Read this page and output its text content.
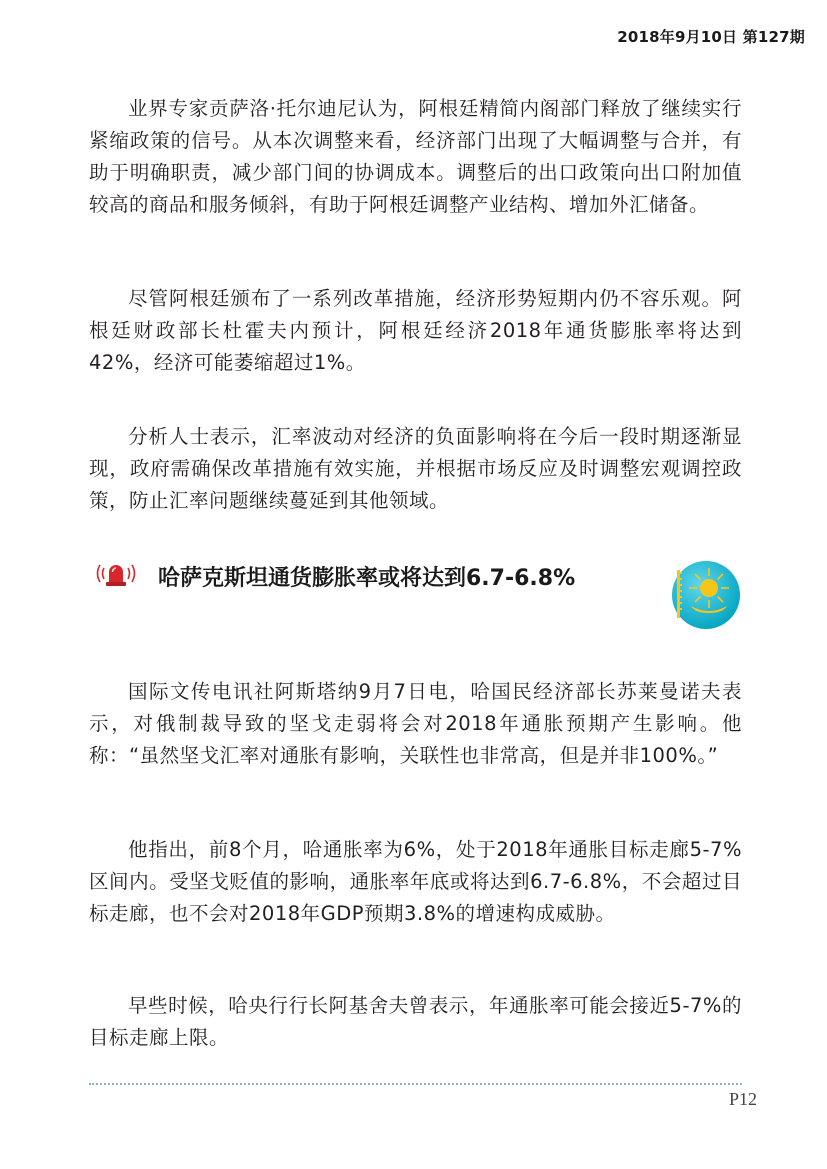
2018年9月10日 第127期

业界专家贡萨洛·托尔迪尼认为，阿根廷精简内阁部门释放了继续实行紧缩政策的信号。从本次调整来看，经济部门出现了大幅调整与合并，有助于明确职责，减少部门间的协调成本。调整后的出口政策向出口附加值较高的商品和服务倾斜，有助于阿根廷调整产业结构、增加外汇储备。

尽管阿根廷颁布了一系列改革措施，经济形势短期内仍不容乐观。阿根廷财政部长杜霍夫内预计，阿根廷经济2018年通货膨胀率将达到42%，经济可能萎缩超过1%。

分析人士表示，汇率波动对经济的负面影响将在今后一段时期逐渐显现，政府需确保改革措施有效实施，并根据市场反应及时调整宏观调控政策，防止汇率问题继续蔓延到其他领域。

哈萨克斯坦通货膨胀率或将达到6.7-6.8%

国际文传电讯社阿斯塔纳9月7日电，哈国民经济部长苏莱曼诺夫表示，对俄制裁导致的坚戈走弱将会对2018年通胀预期产生影响。他称：“虽然坚戈汇率对通胀有影响，关联性也非常高，但是并非100%。”

他指出，前8个月，哈通胀率为6%，处于2018年通胀目标走廊5-7%区间内。受坚戈贬值的影响，通胀率年底或将达到6.7-6.8%，不会超过目标走廊，也不会对2018年GDP预期3.8%的增速构成威胁。

早些时候，哈央行行长阿基舍夫曾表示，年通胀率可能会接近5-7%的目标走廊上限。

P12
